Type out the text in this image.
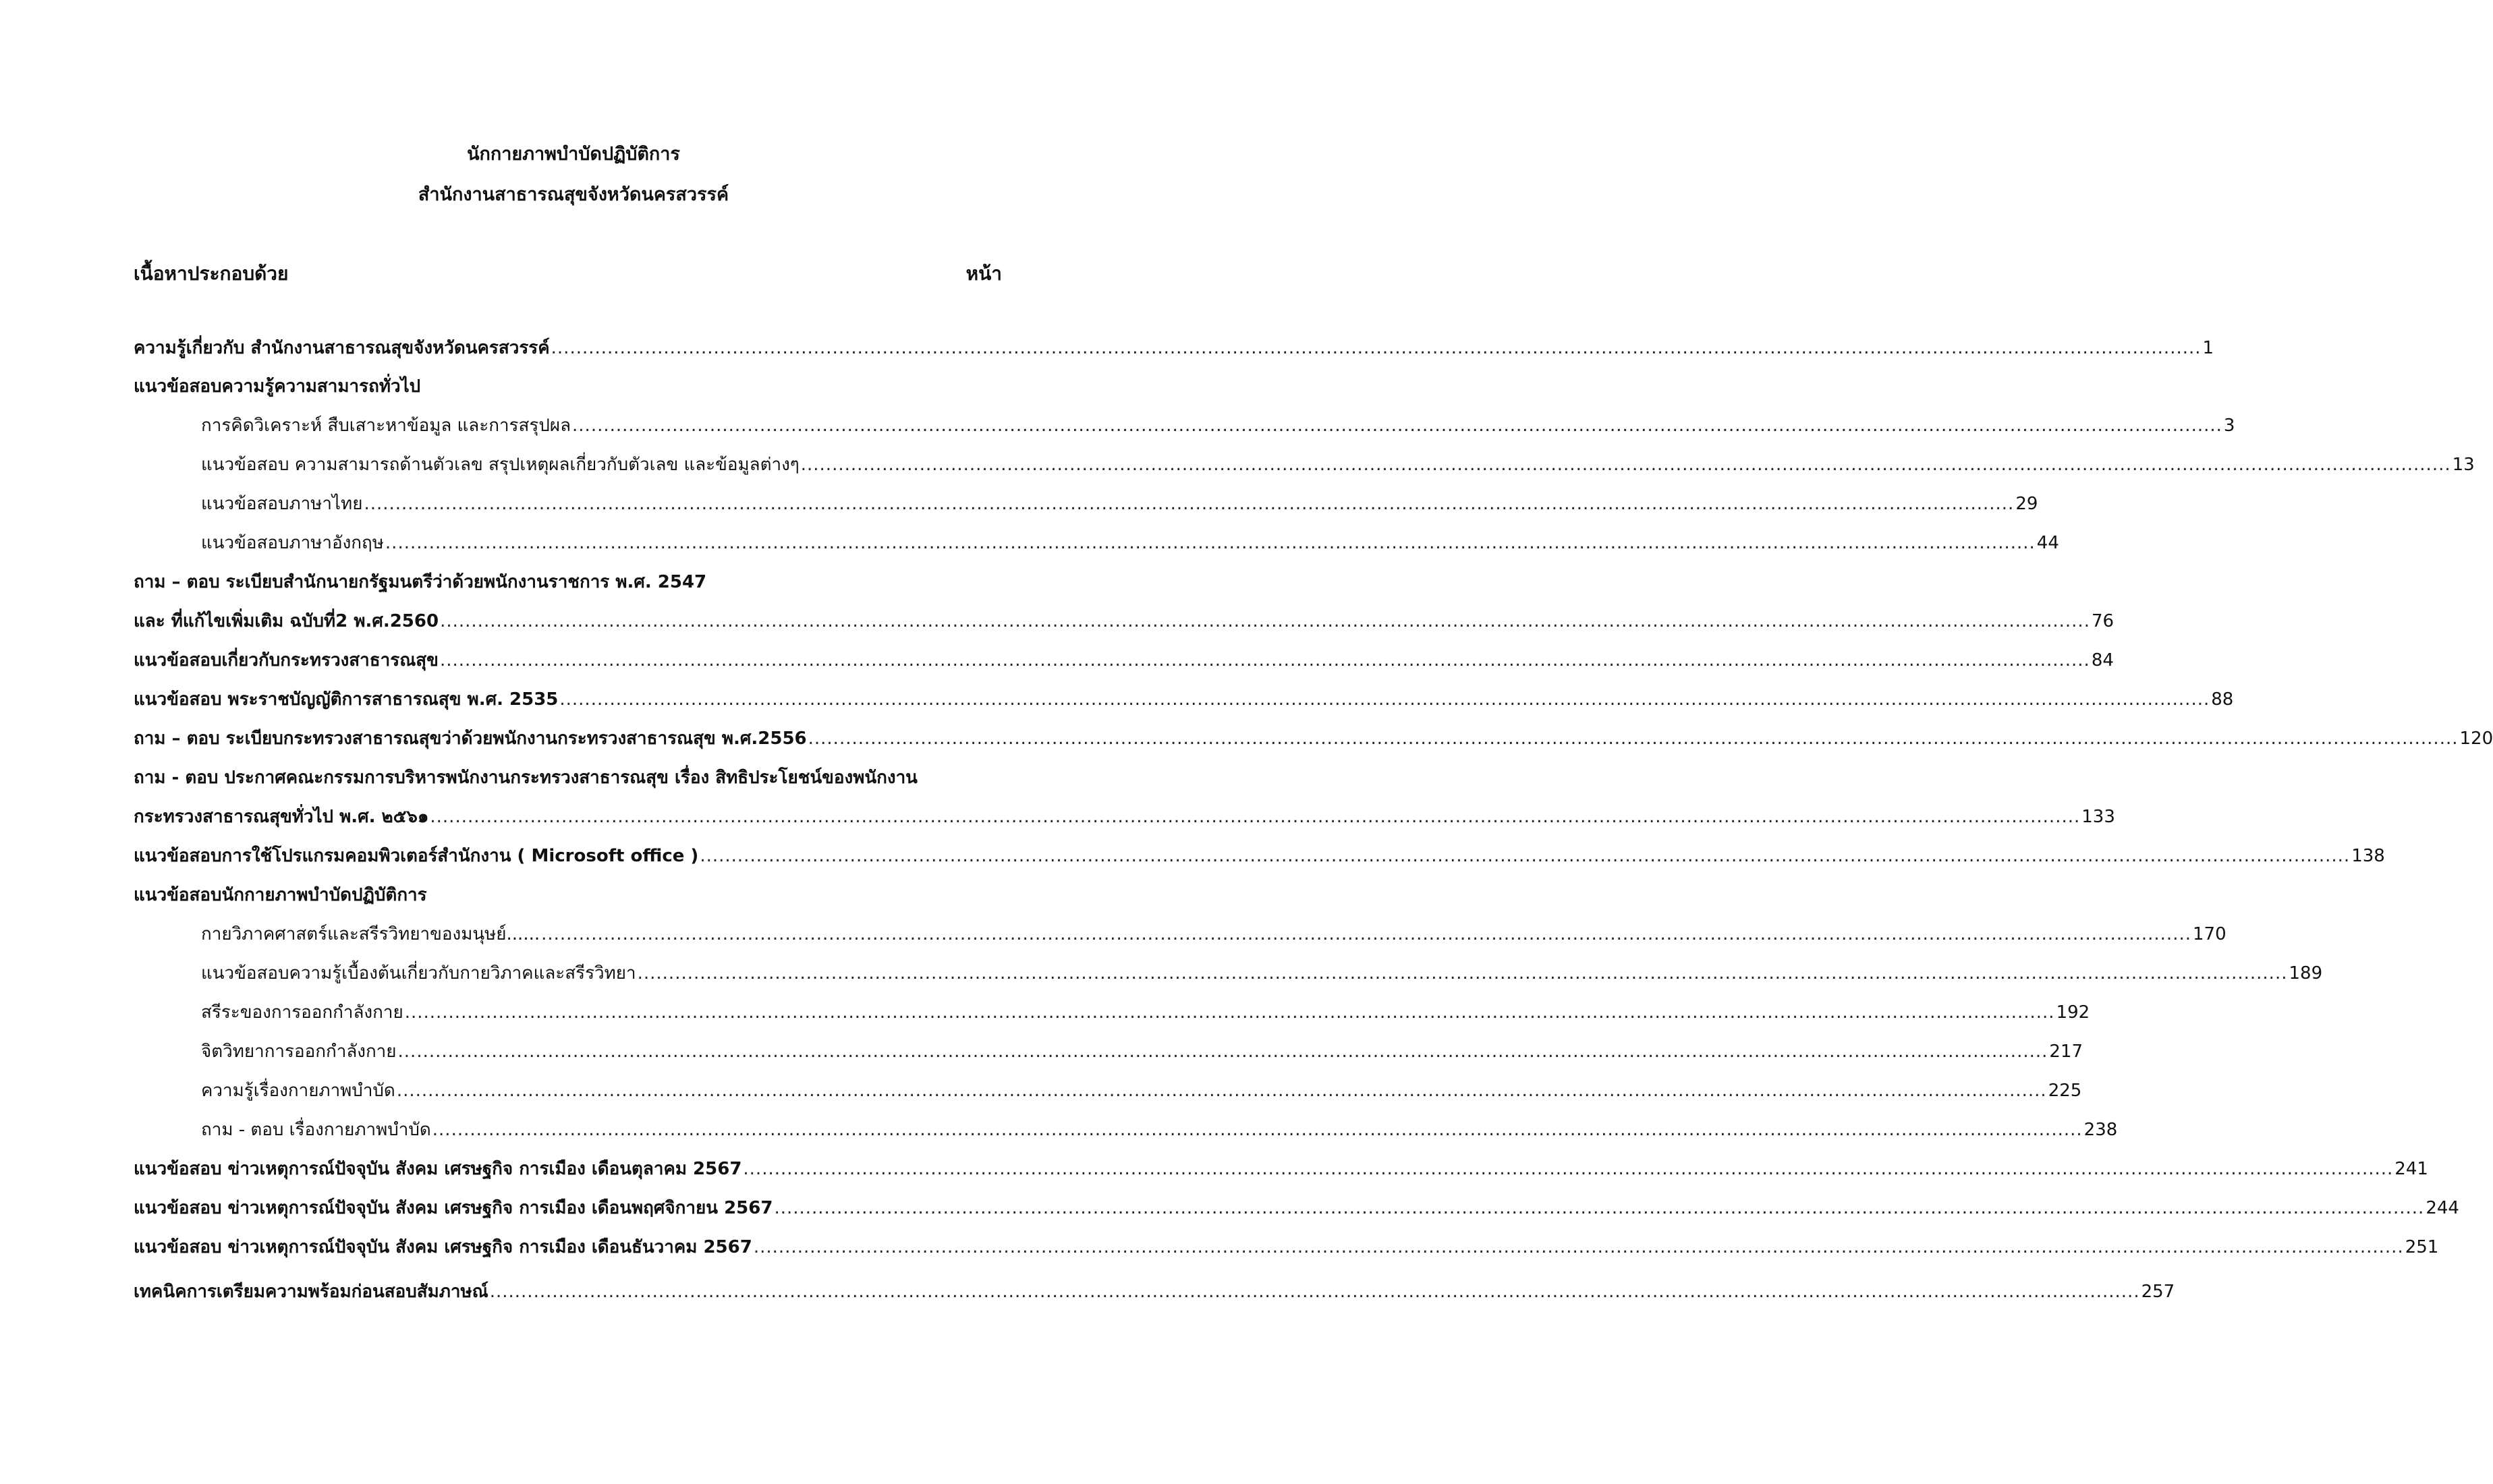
นักกายภาพบำบัดปฏิบัติการ
สำนักงานสาธารณสุขจังหวัดนครสวรรค์
เนื้อหาประกอบด้วย	หน้า
ความรู้เกี่ยวกับ สำนักงานสาธารณสุขจังหวัดนครสวรรค์ .....	1
แนวข้อสอบความรู้ความสามารถทั่วไป
การคิดวิเคราะห์ สืบเสาะหาข้อมูล และการสรุปผล .....	3
แนวข้อสอบ ความสามารถด้านตัวเลข สรุปเหตุผลเกี่ยวกับตัวเลข และข้อมูลต่างๆ .....	13
แนวข้อสอบภาษาไทย .....	29
แนวข้อสอบภาษาอังกฤษ .....	44
ถาม – ตอบ ระเบียบสำนักนายกรัฐมนตรีว่าด้วยพนักงานราชการ พ.ศ. 2547
และ ที่แก้ไขเพิ่มเติม ฉบับที่2 พ.ศ.2560 .....	76
แนวข้อสอบเกี่ยวกับกระทรวงสาธารณสุข .....	84
แนวข้อสอบ พระราชบัญญัติการสาธารณสุข พ.ศ. 2535 .....	88
ถาม – ตอบ ระเบียบกระทรวงสาธารณสุขว่าด้วยพนักงานกระทรวงสาธารณสุข พ.ศ.2556 .....	120
ถาม - ตอบ ประกาศคณะกรรมการบริหารพนักงานกระทรวงสาธารณสุข เรื่อง สิทธิประโยชน์ของพนักงาน
กระทรวงสาธารณสุขทั่วไป พ.ศ. ๒๕๖๑ .....	133
แนวข้อสอบการใช้โปรแกรมคอมพิวเตอร์สำนักงาน ( Microsoft office ) .....	138
แนวข้อสอบนักกายภาพบำบัดปฏิบัติการ
กายวิภาคศาสตร์และสรีรวิทยาของมนุษย์...... .....	170
แนวข้อสอบความรู้เบื้องต้นเกี่ยวกับกายวิภาคและสรีรวิทยา .....	189
สรีระของการออกกำลังกาย .....	192
จิตวิทยาการออกกำลังกาย .....	217
ความรู้เรื่องกายภาพบำบัด .....	225
ถาม - ตอบ เรื่องกายภาพบำบัด .....	238
แนวข้อสอบ ข่าวเหตุการณ์ปัจจุบัน สังคม เศรษฐกิจ การเมือง เดือนตุลาคม 2567 .....	241
แนวข้อสอบ ข่าวเหตุการณ์ปัจจุบัน สังคม เศรษฐกิจ การเมือง เดือนพฤศจิกายน 2567 .....	244
แนวข้อสอบ ข่าวเหตุการณ์ปัจจุบัน สังคม เศรษฐกิจ การเมือง เดือนธันวาคม 2567 .....	251
เทคนิคการเตรียมความพร้อมก่อนสอบสัมภาษณ์ .....	257
